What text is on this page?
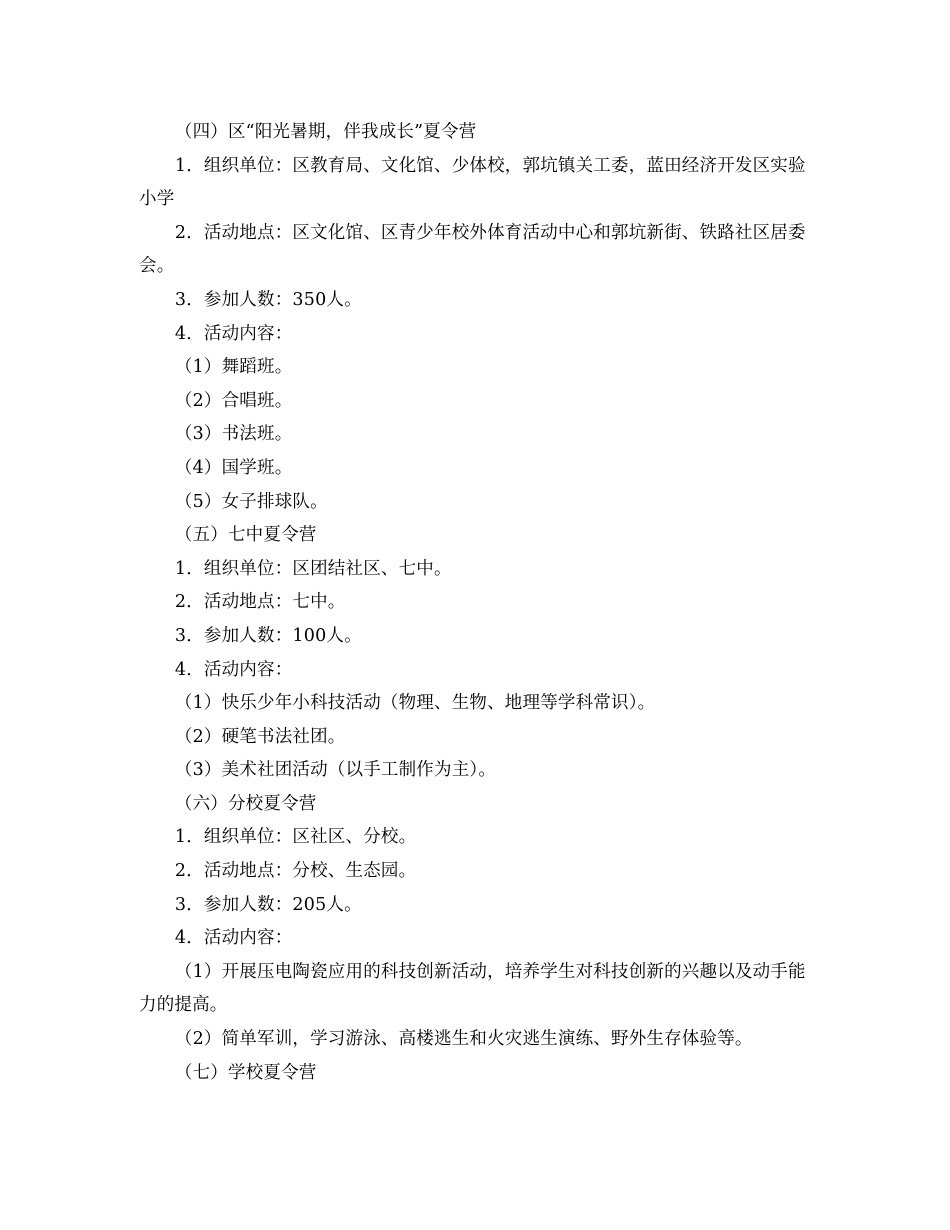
（四）区“阳光暑期，伴我成长”夏令营

1．组织单位：区教育局、文化馆、少体校，郭坑镇关工委，蓝田经济开发区实验小学

2．活动地点：区文化馆、区青少年校外体育活动中心和郭坑新街、铁路社区居委会。

3．参加人数：350人。

4．活动内容：

（1）舞蹈班。

（2）合唱班。

（3）书法班。

（4）国学班。

（5）女子排球队。

（五）七中夏令营

1．组织单位：区团结社区、七中。

2．活动地点：七中。

3．参加人数：100人。

4．活动内容：

（1）快乐少年小科技活动（物理、生物、地理等学科常识）。

（2）硬笔书法社团。

（3）美术社团活动（以手工制作为主）。

（六）分校夏令营

1．组织单位：区社区、分校。

2．活动地点：分校、生态园。

3．参加人数：205人。

4．活动内容：

（1）开展压电陶瓷应用的科技创新活动，培养学生对科技创新的兴趣以及动手能力的提高。

（2）简单军训，学习游泳、高楼逃生和火灾逃生演练、野外生存体验等。

（七）学校夏令营
